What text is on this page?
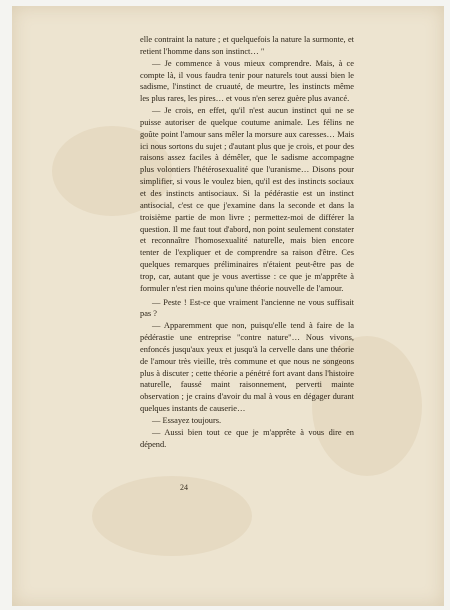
elle contraint la nature ; et quelquefois la nature la surmonte, et retient l'homme dans son instinct… "

— Je commence à vous mieux comprendre. Mais, à ce compte là, il vous faudra tenir pour naturels tout aussi bien le sadisme, l'instinct de cruauté, de meurtre, les instincts même les plus rares, les pires… et vous n'en serez guère plus avancé.

— Je crois, en effet, qu'il n'est aucun instinct qui ne se puisse autoriser de quelque coutume animale. Les félins ne goûte point l'amour sans mêler la morsure aux caresses… Mais ici nous sortons du sujet ; d'autant plus que je crois, et pour des raisons assez faciles à démêler, que le sadisme accompagne plus volontiers l'hétérosexualité que l'uranisme… Disons pour simplifier, si vous le voulez bien, qu'il est des instincts sociaux et des instincts antisociaux. Si la pédérastie est un instinct antisocial, c'est ce que j'examine dans la seconde et dans la troisième partie de mon livre ; permettez-moi de différer la question. Il me faut tout d'abord, non point seulement constater et reconnaître l'homosexualité naturelle, mais bien encore tenter de l'expliquer et de comprendre sa raison d'être. Ces quelques remarques préliminaires n'étaient peut-être pas de trop, car, autant que je vous avertisse : ce que je m'apprête à formuler n'est rien moins qu'une théorie nouvelle de l'amour.

— Peste ! Est-ce que vraiment l'ancienne ne vous suffisait pas ?

— Apparemment que non, puisqu'elle tend à faire de la pédérastie une entreprise "contre nature"… Nous vivons, enfoncés jusqu'aux yeux et jusqu'à la cervelle dans une théorie de l'amour très vieille, très commune et que nous ne songeons plus à discuter ; cette théorie a pénétré fort avant dans l'histoire naturelle, faussé maint raisonnement, perverti mainte observation ; je crains d'avoir du mal à vous en dégager durant quelques instants de causerie…

— Essayez toujours.

— Aussi bien tout ce que je m'apprête à vous dire en dépend.

24
